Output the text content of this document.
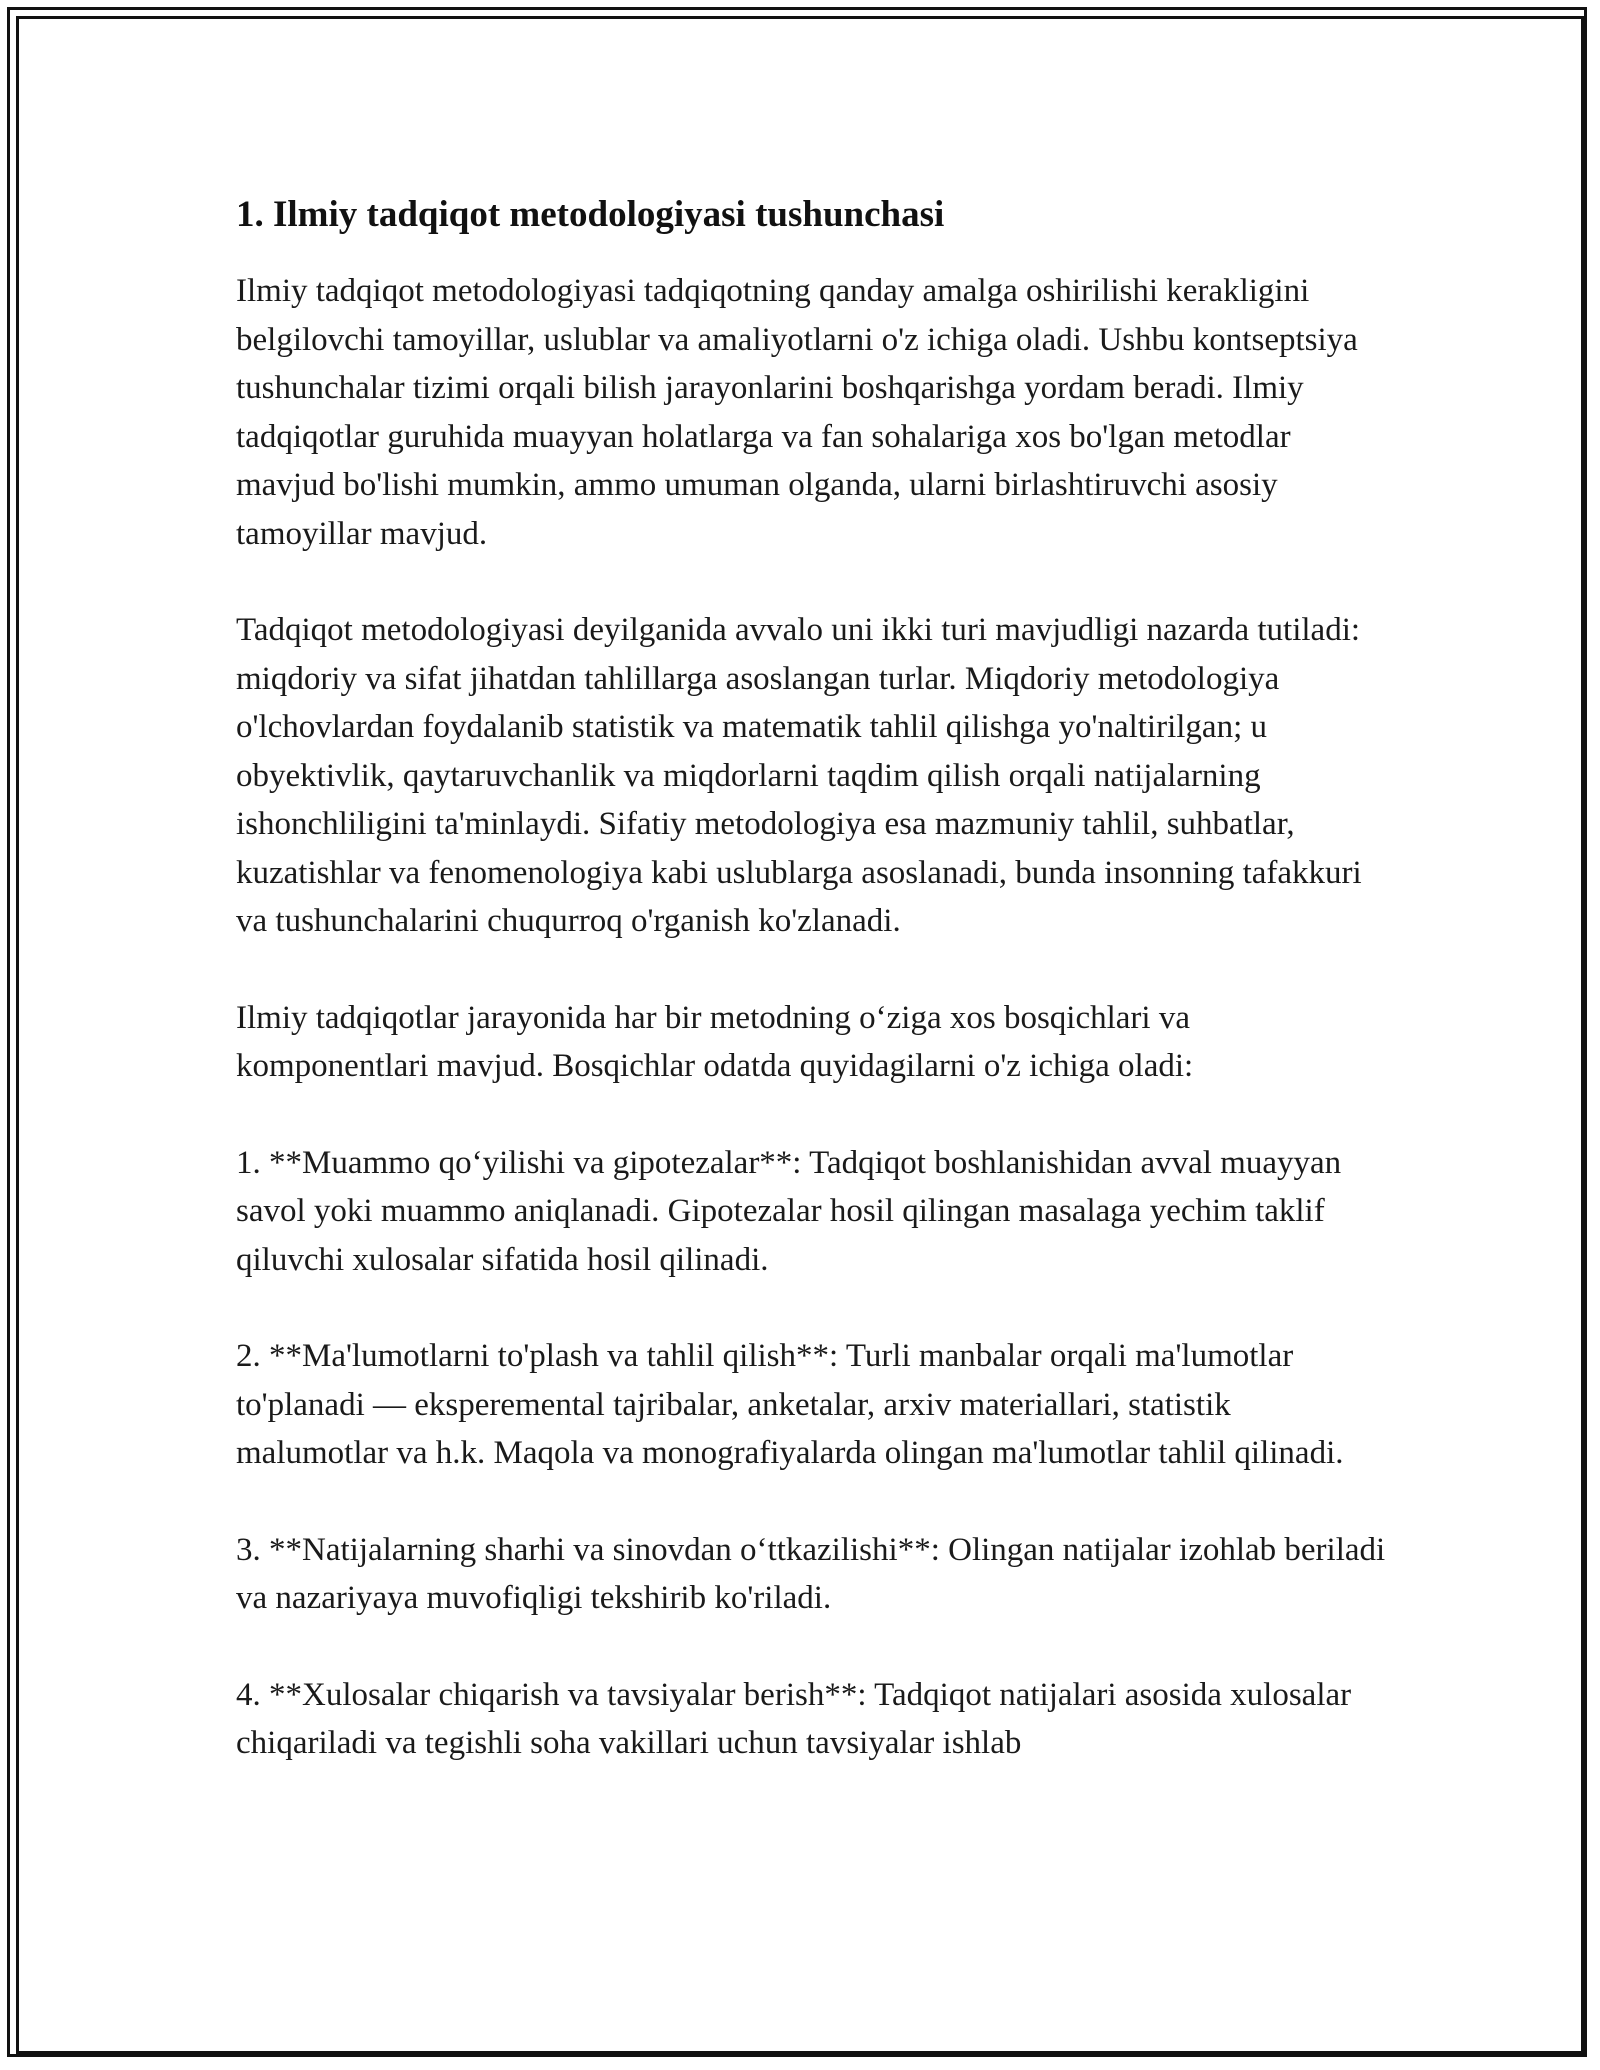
1. Ilmiy tadqiqot metodologiyasi tushunchasi

Ilmiy tadqiqot metodologiyasi tadqiqotning qanday amalga oshirilishi kerakligini belgilovchi tamoyillar, uslublar va amaliyotlarni o'z ichiga oladi. Ushbu kontseptsiya tushunchalar tizimi orqali bilish jarayonlarini boshqarishga yordam beradi. Ilmiy tadqiqotlar guruhida muayyan holatlarga va fan sohalariga xos bo'lgan metodlar mavjud bo'lishi mumkin, ammo umuman olganda, ularni birlashtiruvchi asosiy tamoyillar mavjud.

Tadqiqot metodologiyasi deyilganida avvalo uni ikki turi mavjudligi nazarda tutiladi: miqdoriy va sifat jihatdan tahlillarga asoslangan turlar. Miqdoriy metodologiya o'lchovlardan foydalanib statistik va matematik tahlil qilishga yo'naltirilgan; u obyektivlik, qaytaruvchanlik va miqdorlarni taqdim qilish orqali natijalarning ishonchliligini ta'minlaydi. Sifatiy metodologiya esa mazmuniy tahlil, suhbatlar, kuzatishlar va fenomenologiya kabi uslublarga asoslanadi, bunda insonning tafakkuri va tushunchalarini chuqurroq o'rganish ko'zlanadi.

Ilmiy tadqiqotlar jarayonida har bir metodning o‘ziga xos bosqichlari va komponentlari mavjud. Bosqichlar odatda quyidagilarni o'z ichiga oladi:

1. **Muammo qo‘yilishi va gipotezalar**: Tadqiqot boshlanishidan avval muayyan savol yoki muammo aniqlanadi. Gipotezalar hosil qilingan masalaga yechim taklif qiluvchi xulosalar sifatida hosil qilinadi.

2. **Ma'lumotlarni to'plash va tahlil qilish**: Turli manbalar orqali ma'lumotlar to'planadi — eksperemental tajribalar, anketalar, arxiv materiallari, statistik malumotlar va h.k. Maqola va monografiyalarda olingan ma'lumotlar tahlil qilinadi.

3. **Natijalarning sharhi va sinovdan o‘ttkazilishi**: Olingan natijalar izohlab beriladi va nazariyaya muvofiqligi tekshirib ko'riladi.

4. **Xulosalar chiqarish va tavsiyalar berish**: Tadqiqot natijalari asosida xulosalar chiqariladi va tegishli soha vakillari uchun tavsiyalar ishlab
